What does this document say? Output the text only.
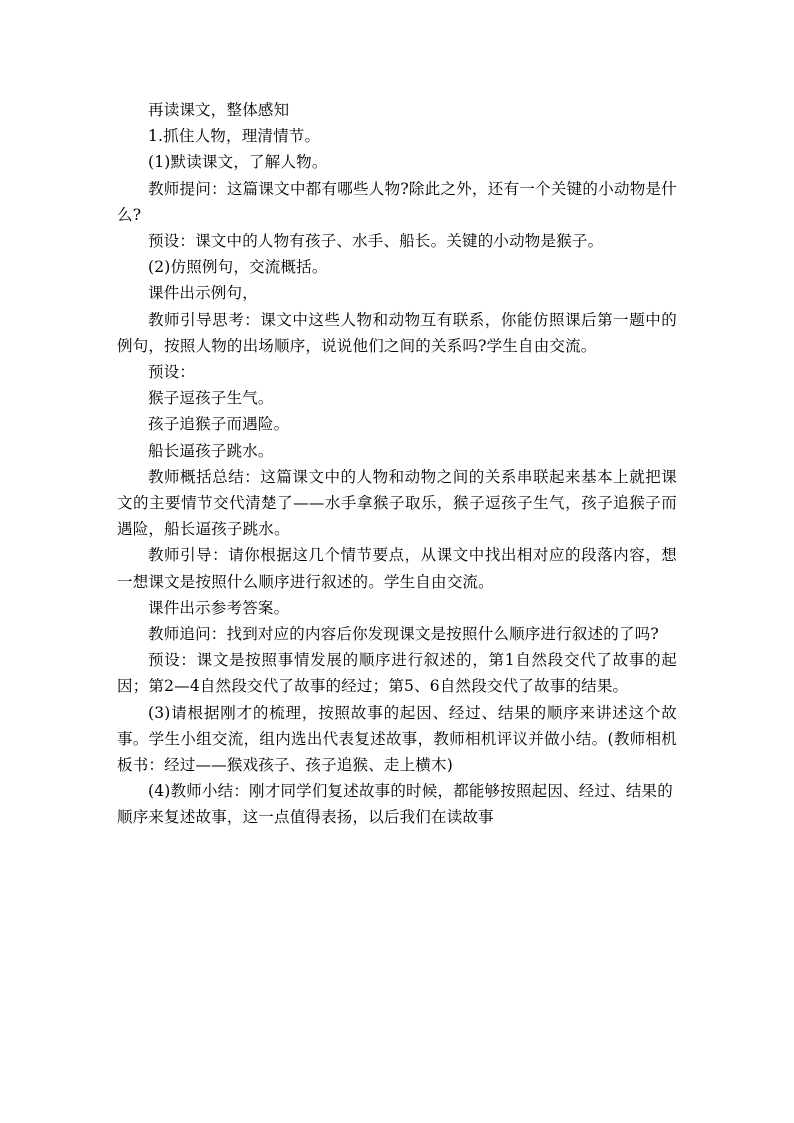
再读课文，整体感知

1.抓住人物，理清情节。

(1)默读课文，了解人物。

教师提问：这篇课文中都有哪些人物?除此之外，还有一个关键的小动物是什么?

预设：课文中的人物有孩子、水手、船长。关键的小动物是猴子。

(2)仿照例句，交流概括。

课件出示例句，

教师引导思考：课文中这些人物和动物互有联系，你能仿照课后第一题中的例句，按照人物的出场顺序，说说他们之间的关系吗?学生自由交流。

预设：

猴子逗孩子生气。

孩子追猴子而遇险。

船长逼孩子跳水。

教师概括总结：这篇课文中的人物和动物之间的关系串联起来基本上就把课文的主要情节交代清楚了——水手拿猴子取乐，猴子逗孩子生气，孩子追猴子而遇险，船长逼孩子跳水。

教师引导：请你根据这几个情节要点，从课文中找出相对应的段落内容，想一想课文是按照什么顺序进行叙述的。学生自由交流。

课件出示参考答案。

教师追问：找到对应的内容后你发现课文是按照什么顺序进行叙述的了吗?

预设：课文是按照事情发展的顺序进行叙述的，第1自然段交代了故事的起因；第2—4自然段交代了故事的经过；第5、6自然段交代了故事的结果。

(3)请根据刚才的梳理，按照故事的起因、经过、结果的顺序来讲述这个故事。学生小组交流，组内选出代表复述故事，教师相机评议并做小结。(教师相机板书：经过——猴戏孩子、孩子追猴、走上横木)

(4)教师小结：刚才同学们复述故事的时候，都能够按照起因、经过、结果的顺序来复述故事，这一点值得表扬，以后我们在读故事
